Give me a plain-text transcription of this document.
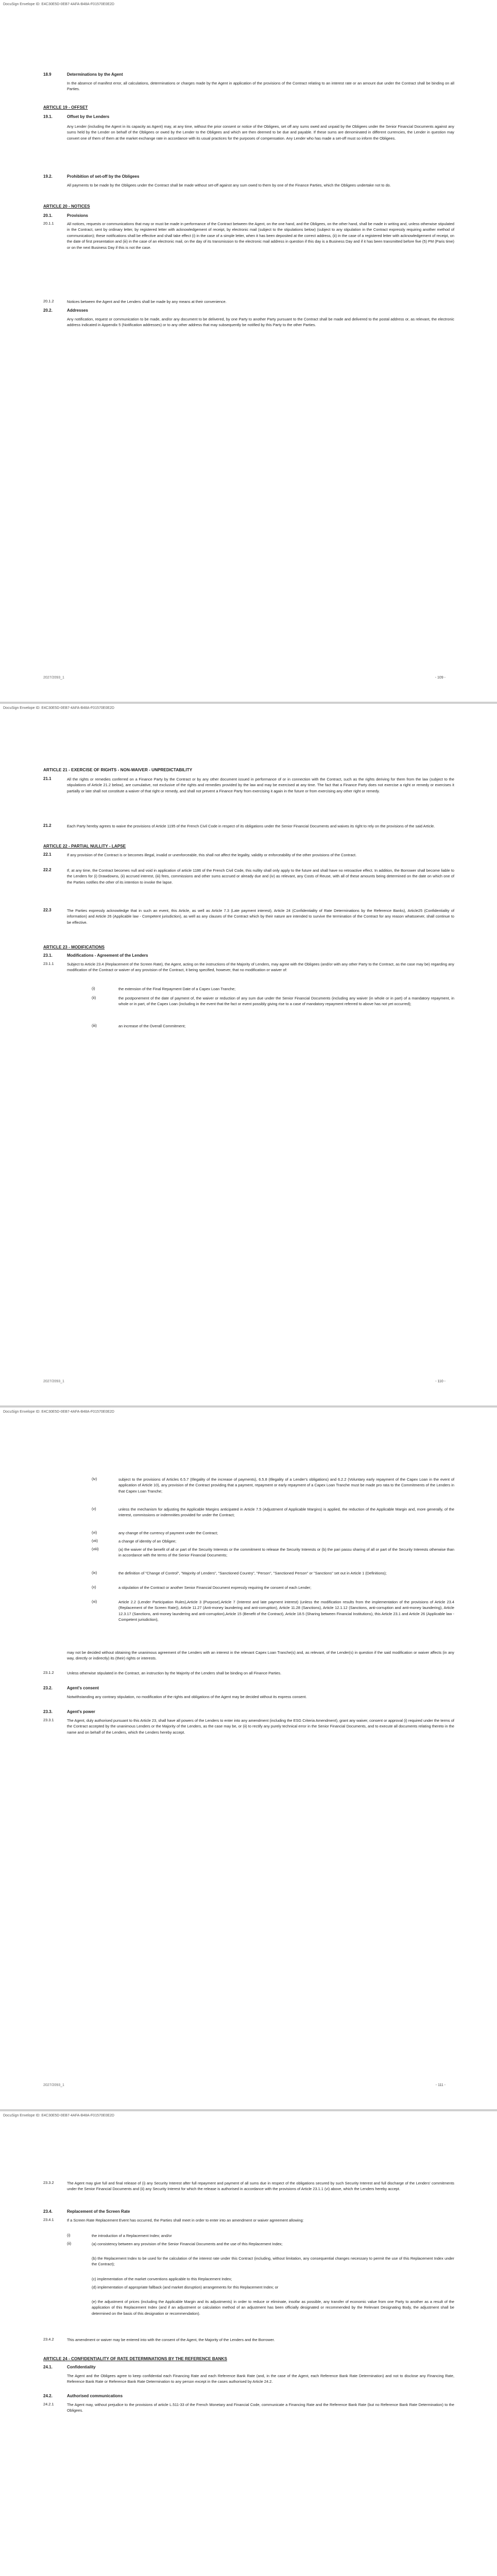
DocuSign Envelope ID: E4C30E5D-0EB7-4AFA-B48A-F01570E0E2D
18.9	Determinations by the Agent
In the absence of manifest error, all calculations, determinations or charges made by the Agent in application of the provisions of the Contract relating to an interest rate or an amount due under the Contract shall be binding on all Parties.
ARTICLE 19 - OFFSET
19.1.	Offset by the Lenders
Any Lender (including the Agent in its capacity as Agent) may, at any time, without the prior consent or notice of the Obligees, set off any sums owed and unpaid by the Obligees under the Senior Financial Documents against any sums held by the Lender on behalf of the Obligees or owed by the Lender to the Obligees and which are then deemed to be due and payable. If these sums are denominated in different currencies, the Lender in question may convert one of them of them at the market exchange rate in accordance with its usual practices for the purposes of compensation. Any Lender who has made a set-off must so inform the Obligees.
19.2.	Prohibition of set-off by the Obligees
All payments to be made by the Obligees under the Contract shall be made without set-off against any sum owed to them by one of the Finance Parties, which the Obligees undertake not to do.
ARTICLE 20 - NOTICES
20.1.	Provisions
20.1.1	All notices, requests or communications that may or must be made in performance of the Contract between the Agent, on the one hand, and the Obligees, on the other hand, shall be made in writing and, unless otherwise stipulated in the Contract, sent by ordinary letter, by registered letter with acknowledgement of receipt, by electronic mail (subject to the stipulations below) (subject to any stipulation in the Contract expressly requiring another method of communication); these notifications shall be effective and shall take effect (i) in the case of a simple letter, when it has been deposited at the correct address, (ii) in the case of a registered letter with acknowledgement of receipt, on the date of first presentation and (iii) in the case of an electronic mail, on the day of its transmission to the electronic mail address in question if this day is a Business Day and if it has been transmitted before five (5) PM (Paris time) or on the next Business Day if this is not the case.
20.1.2	Notices between the Agent and the Lenders shall be made by any means at their convenience.
20.2.	Addresses
Any notification, request or communication to be made, and/or any document to be delivered, by one Party to another Party pursuant to the Contract shall be made and delivered to the postal address or, as relevant, the electronic address indicated in Appendix 5 (Notification addresses) or to any other address that may subsequently be notified by this Party to the other Parties.
2027/2093_1	- 109 -
DocuSign Envelope ID: E4C30E5D-0EB7-4AFA-B48A-F01570E0E2D
ARTICLE 21 - EXERCISE OF RIGHTS - NON-WAIVER - UNPREDICTABILITY
21.1	All the rights or remedies conferred on a Finance Party by the Contract or by any other document issued in performance of or in connection with the Contract, such as the rights deriving for them from the law (subject to the stipulations of Article 21.2 below), are cumulative, not exclusive of the rights and remedies provided by the law and may be exercised at any time. The fact that a Finance Party does not exercise a right or remedy or exercises it partially or late shall not constitute a waiver of that right or remedy, and shall not prevent a Finance Party from exercising it again in the future or from exercising any other right or remedy.
21.2	Each Party hereby agrees to waive the provisions of Article 1195 of the French Civil Code in respect of its obligations under the Senior Financial Documents and waives its right to rely on the provisions of the said Article.
ARTICLE 22 - PARTIAL NULLITY - LAPSE
22.1	If any provision of the Contract is or becomes illegal, invalid or unenforceable, this shall not affect the legality, validity or enforceability of the other provisions of the Contract.
22.2	If, at any time, the Contract becomes null and void in application of article 1186 of the French Civil Code, this nullity shall only apply to the future and shall have no retroactive effect. In addition, the Borrower shall become liable to the Lenders for (i) Drawdowns, (ii) accrued interest, (iii) fees, commissions and other sums accrued or already due and (iv) as relevant, any Costs of Reuse, with all of these amounts being determined on the date on which one of the Parties notifies the other of its intention to invoke the lapse.
22.3	The Parties expressly acknowledge that in such an event, this Article, as well as Article 7.3 (Late payment interest), Article 24 (Confidentiality of Rate Determinations by the Reference Banks), Article25 (Confidentiality of information) and Article 26 (Applicable law - Competent jurisdiction), as well as any clauses of the Contract which by their nature are intended to survive the termination of the Contract for any reason whatsoever, shall continue to be effective.
ARTICLE 23 - MODIFICATIONS
23.1.	Modifications - Agreement of the Lenders
23.1.1	Subject to Article 23.4 (Replacement of the Screen Rate), the Agent, acting on the instructions of the Majority of Lenders, may agree with the Obligees (and/or with any other Party to the Contract, as the case may be) regarding any modification of the Contract or waiver of any provision of the Contract, it being specified, however, that no modification or waiver of:
(i)	the extension of the Final Repayment Date of a Capex Loan Tranche;
(ii)	the postponement of the date of payment of, the waiver or reduction of any sum due under the Senior Financial Documents (including any waiver (in whole or in part) of a mandatory repayment, in whole or in part, of the Capex Loan (including in the event that the fact or event possibly giving rise to a case of mandatory repayment referred to above has not yet occurred);
(iii)	an increase of the Overall Commitment;
2027/2093_1	- 110 -
DocuSign Envelope ID: E4C30E5D-0EB7-4AFA-B48A-F01570E0E2D
(iv)	subject to the provisions of Articles 6.5.7 (Illegality of the increase of payments), 6.5.8 (Illegality of a Lender's obligations) and 6.2.2 (Voluntary early repayment of the Capex Loan in the event of application of Article 10), any provision of the Contract providing that a payment, repayment or early repayment of a Capex Loan Tranche must be made pro rata to the Commitments of the Lenders in that Capex Loan Tranche;
(v)	unless the mechanism for adjusting the Applicable Margins anticipated in Article 7.5 (Adjustment of Applicable Margins) is applied, the reduction of the Applicable Margin and, more generally, of the interest, commissions or indemnities provided for under the Contract;
(vi)	any change of the currency of payment under the Contract;
(vii)	a change of identity of an Obligee;
(viii)	(a) the waiver of the benefit of all or part of the Security Interests or the commitment to release the Security Interests or (b) the pari passu sharing of all or part of the Security Interests otherwise than in accordance with the terms of the Senior Financial Documents;
(ix)	the definition of "Change of Control", "Majority of Lenders", "Sanctioned Country", "Person", "Sanctioned Person" or "Sanctions" set out in Article 1 (Definitions);
(x)	a stipulation of the Contract or another Senior Financial Document expressly requiring the consent of each Lender;
(xi)	Article 2.2 (Lender Participation Rules),Article 3 (Purpose),Article 7 (Interest and late payment interest) (unless the modification results from the implementation of the provisions of Article 23.4 (Replacement of the Screen Rate)), Article 11.27 (Anti-money laundering and anti-corruption), Article 11.28 (Sanctions), Article 12.1.12 (Sanctions, anti-corruption and anti-money laundering), Article 12.3.17 (Sanctions, anti-money laundering and anti-corruption),Article 15 (Benefit of the Contract), Article 18.5 (Sharing between Financial Institutions), this Article 23.1 and Article 26 (Applicable law - Competent jurisdiction),
may not be decided without obtaining the unanimous agreement of the Lenders with an interest in the relevant Capex Loan Tranche(s) and, as relevant, of the Lender(s) in question if the said modification or waiver affects (in any way, directly or indirectly) its (their) rights or interests.
23.1.2	Unless otherwise stipulated in the Contract, an instruction by the Majority of the Lenders shall be binding on all Finance Parties.
23.2.	Agent's consent
Notwithstanding any contrary stipulation, no modification of the rights and obligations of the Agent may be decided without its express consent.
23.3.	Agent's power
23.3.1	The Agent, duly authorised pursuant to this Article 23, shall have all powers of the Lenders to enter into any amendment (including the ESG Criteria Amendment), grant any waiver, consent or approval (i) required under the terms of the Contract accepted by the unanimous Lenders or the Majority of the Lenders, as the case may be, or (ii) to rectify any purely technical error in the Senior Financial Documents, and to execute all documents relating thereto in the name and on behalf of the Lenders, which the Lenders hereby accept.
2027/2093_1	- 111 -
DocuSign Envelope ID: E4C30E5D-0EB7-4AFA-B48A-F01570E0E2D
23.3.2	The Agent may give full and final release of (i) any Security Interest after full repayment and payment of all sums due in respect of the obligations secured by such Security Interest and full discharge of the Lenders' commitments under the Senior Financial Documents and (ii) any Security Interest for which the release is authorised in accordance with the provisions of Article 23.1.1 (vi) above, which the Lenders hereby accept.
23.4.	Replacement of the Screen Rate
23.4.1	If a Screen Rate Replacement Event has occurred, the Parties shall meet in order to enter into an amendment or waiver agreement allowing:
(i)	the introduction of a Replacement Index; and/or
(ii)	(a) consistency between any provision of the Senior Financial Documents and the use of this Replacement Index;
(b) the Replacement Index to be used for the calculation of the interest rate under this Contract (including, without limitation, any consequential changes necessary to permit the use of this Replacement Index under the Contract);
(c) implementation of the market conventions applicable to this Replacement Index;
(d) implementation of appropriate fallback (and market disruption) arrangements for this Replacement Index; or
(e) the adjustment of prices (including the Applicable Margin and its adjustments) in order to reduce or eliminate, insofar as possible, any transfer of economic value from one Party to another as a result of the application of this Replacement Index (and if an adjustment or calculation method of an adjustment has been officially designated or recommended by the Relevant Designating Body, the adjustment shall be determined on the basis of this designation or recommendation).
23.4.2	This amendment or waiver may be entered into with the consent of the Agent, the Majority of the Lenders and the Borrower.
ARTICLE 24 - CONFIDENTIALITY OF RATE DETERMINATIONS BY THE REFERENCE BANKS
24.1.	Confidentiality
The Agent and the Obligees agree to keep confidential each Financing Rate and each Reference Bank Rate (and, in the case of the Agent, each Reference Bank Rate Determination) and not to disclose any Financing Rate, Reference Bank Rate or Reference Bank Rate Determination to any person except in the cases authorised by Article 24.2.
24.2.	Authorised communications
24.2.1	The Agent may, without prejudice to the provisions of article L.511-33 of the French Monetary and Financial Code, communicate a Financing Rate and the Reference Bank Rate (but no Reference Bank Rate Determination) to the Obligees.
